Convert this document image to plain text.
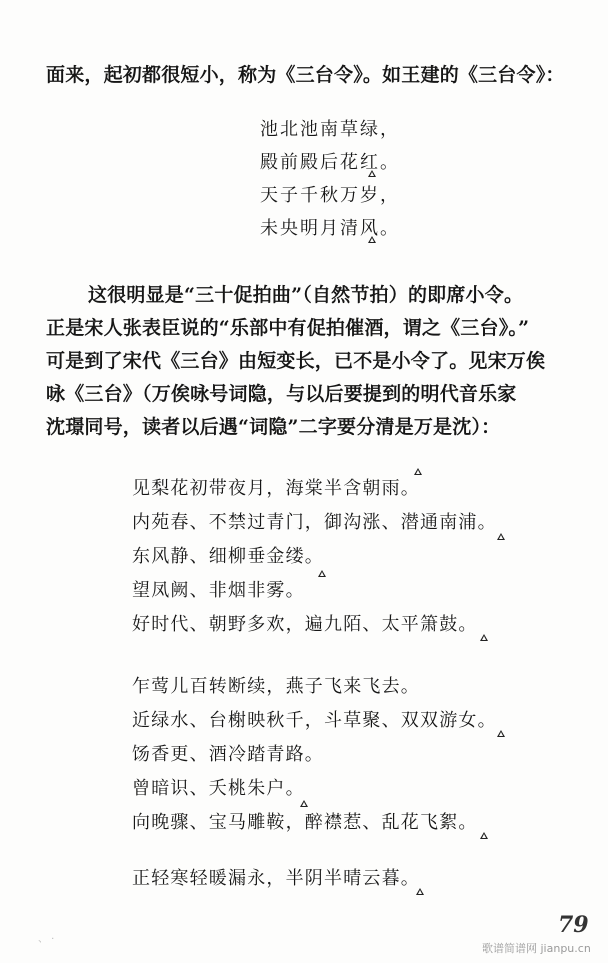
面来，起初都很短小，称为《三台令》。如王建的《三台令》：
池北池南草绿，
殿前殿后花红。
天子千秋万岁，
未央明月清风。
这很明显是“三十促拍曲”（自然节拍）的即席小令。
正是宋人张表臣说的“乐部中有促拍催酒，谓之《三台》。”
可是到了宋代《三台》由短变长，已不是小令了。见宋万俟
咏《三台》（万俟咏号词隐，与以后要提到的明代音乐家
沈璟同号，读者以后遇“词隐”二字要分清是万是沈）：
见梨花初带夜月，海棠半含朝雨。
内苑春、不禁过青门，御沟涨、潜通南浦。
东风静、细柳垂金缕。
望凤阙、非烟非雾。
好时代、朝野多欢，遍九陌、太平箫鼓。
乍莺儿百转断续，燕子飞来飞去。
近绿水、台榭映秋千，斗草聚、双双游女。
饧香更、酒冷踏青路。
曾暗识、夭桃朱户。
向晚骤、宝马雕鞍，醉襟惹、乱花飞絮。
正轻寒轻暖漏永，半阴半晴云暮。
、 ·
79
歌谱简谱网 jianpu.cn
